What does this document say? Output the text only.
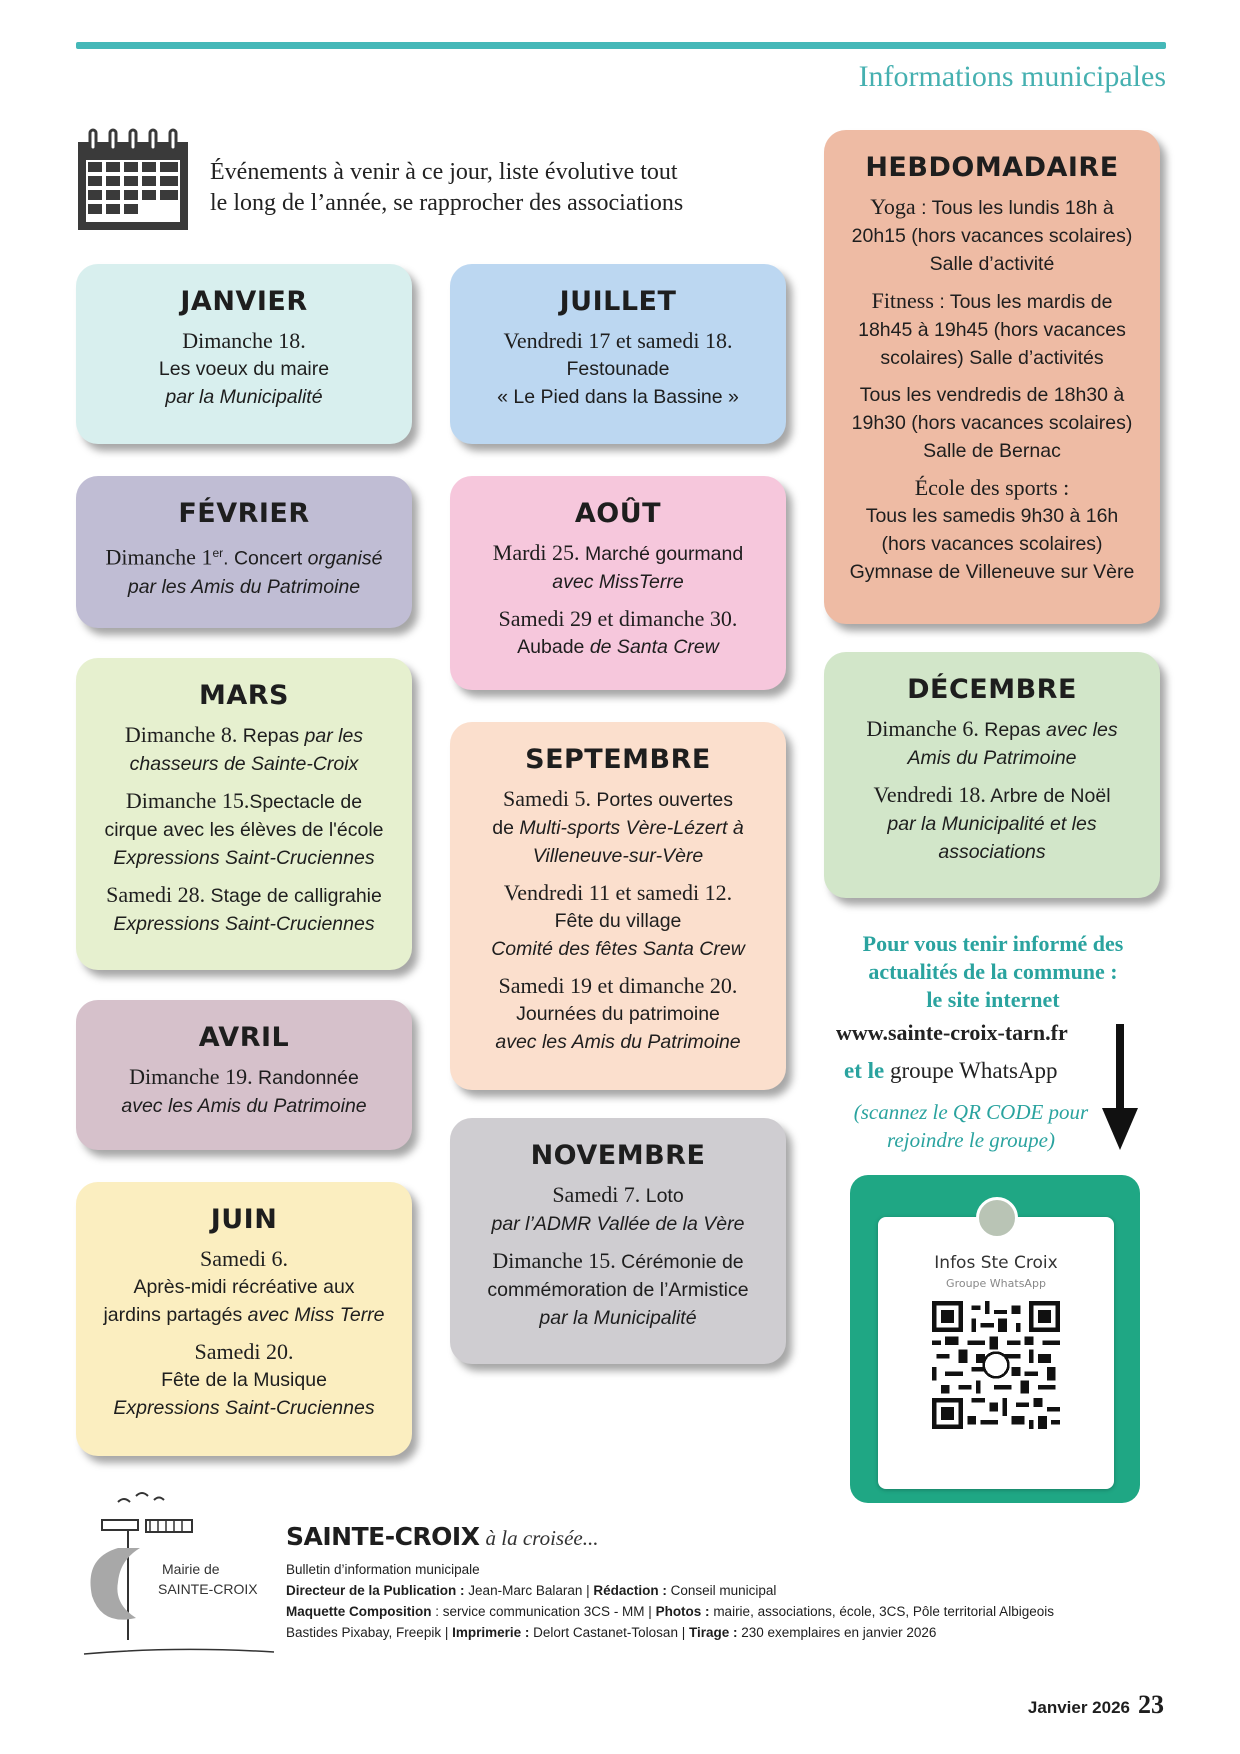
Informations municipales
Événements à venir à ce jour, liste évolutive tout
le long de l’année, se rapprocher des associations
JANVIER
Dimanche 18.
Les voeux du maire
par la Municipalité
JUILLET
Vendredi 17 et samedi 18.
Festounade
« Le Pied dans la Bassine »
FÉVRIER
Dimanche 1er. Concert organisé
par les Amis du Patrimoine
AOÛT
Mardi 25. Marché gourmand
avec MissTerre
Samedi 29 et dimanche 30.
Aubade de Santa Crew
MARS
Dimanche 8. Repas par les
chasseurs de Sainte-Croix
Dimanche 15.Spectacle de
cirque avec les élèves de l'école
Expressions Saint-Cruciennes
Samedi 28. Stage de calligrahie
Expressions Saint-Cruciennes
SEPTEMBRE
Samedi 5. Portes ouvertes
de Multi-sports Vère-Lézert à
Villeneuve-sur-Vère
Vendredi 11 et samedi 12.
Fête du village
Comité des fêtes Santa Crew
Samedi 19 et dimanche 20.
Journées du patrimoine
avec les Amis du Patrimoine
AVRIL
Dimanche 19. Randonnée
avec les Amis du Patrimoine
NOVEMBRE
Samedi 7. Loto
par l’ADMR Vallée de la Vère
Dimanche 15. Cérémonie de
commémoration de l’Armistice
par la Municipalité
JUIN
Samedi 6.
Après-midi récréative aux
jardins partagés avec Miss Terre
Samedi 20.
Fête de la Musique
Expressions Saint-Cruciennes
HEBDOMADAIRE
Yoga : Tous les lundis 18h à
20h15 (hors vacances scolaires)
Salle d’activité
Fitness : Tous les mardis de
18h45 à 19h45 (hors vacances
scolaires) Salle d’activités
Tous les vendredis de 18h30 à
19h30 (hors vacances scolaires)
Salle de Bernac
École des sports :
Tous les samedis 9h30 à 16h
(hors vacances scolaires)
Gymnase de Villeneuve sur Vère
DÉCEMBRE
Dimanche 6. Repas avec les
Amis du Patrimoine
Vendredi 18. Arbre de Noël
par la Municipalité et les
associations
Pour vous tenir informé des
actualités de la commune :
le site internet
www.sainte-croix-tarn.fr
et le groupe WhatsApp
(scannez le QR CODE pour
rejoindre le groupe)
Infos Ste Croix
Groupe WhatsApp
Mairie de
SAINTE-CROIX
SAINTE-CROIX à la croisée...
Bulletin d’information municipale
Directeur de la Publication : Jean-Marc Balaran | Rédaction : Conseil municipal
Maquette Composition : service communication 3CS - MM | Photos : mairie, associations, école, 3CS, Pôle territorial Albigeois
Bastides Pixabay, Freepik | Imprimerie : Delort Castanet-Tolosan | Tirage : 230 exemplaires en janvier 2026
Janvier 2026 23
